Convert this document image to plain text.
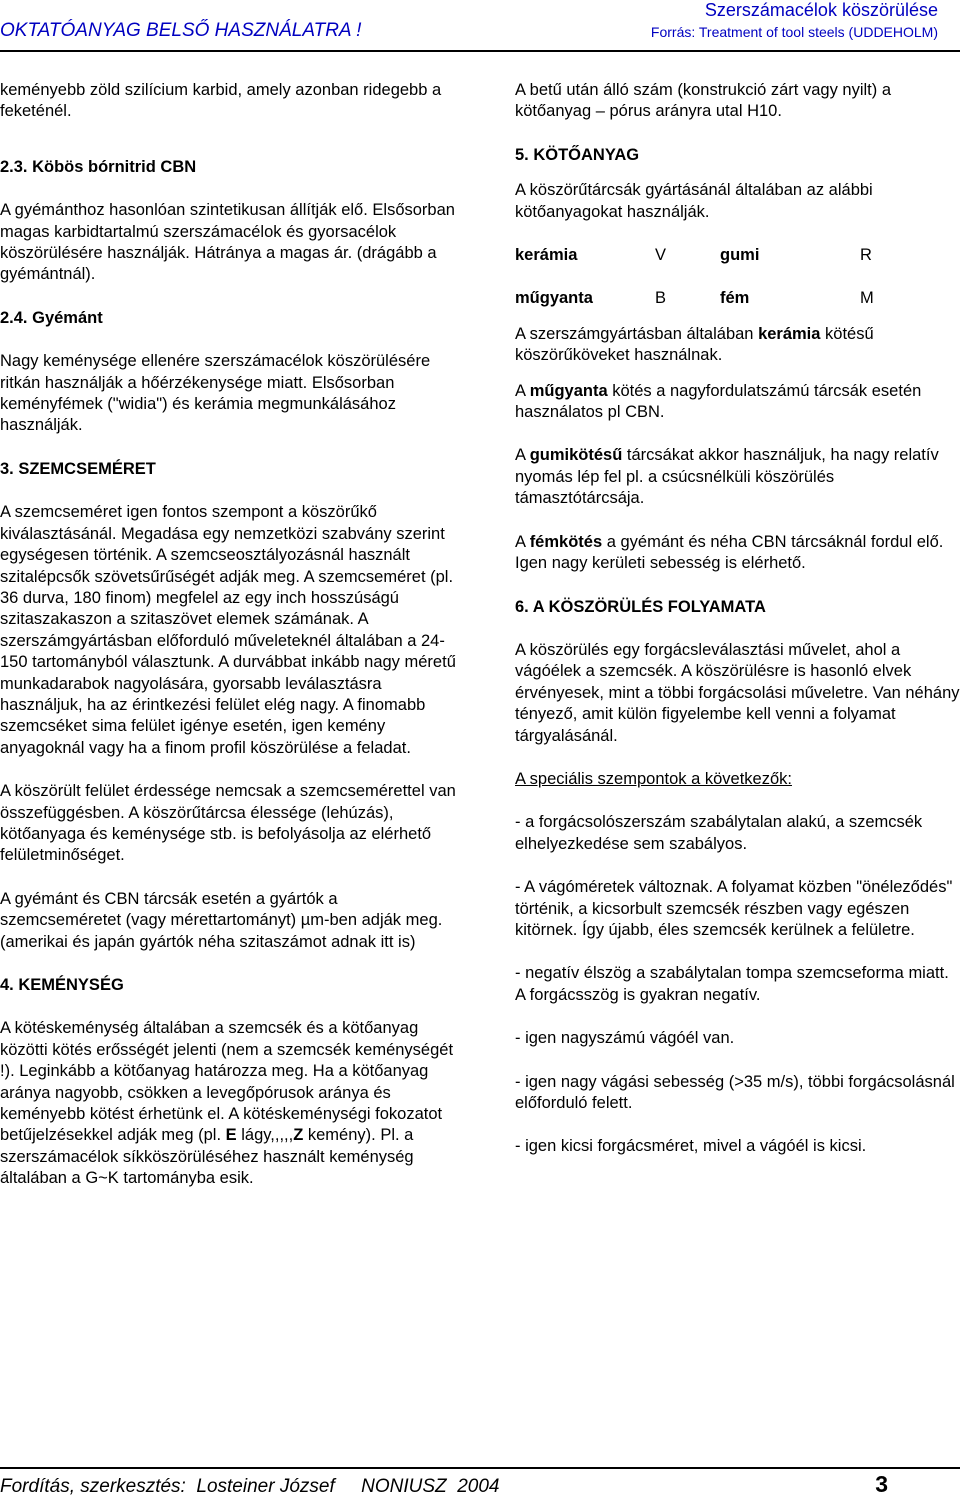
OKTATÓANYAG BELSŐ HASZNÁLATRA !
Szerszámacélok köszörülése
Forrás: Treatment of tool steels (UDDEHOLM)

keményebb zöld szilícium karbid, amely azonban ridegebb a feketénél.

2.3. Köbös bórnitrid CBN

A gyémánthoz hasonlóan szintetikusan állítják elő. Elsősorban magas karbidtartalmú szerszámacélok és gyorsacélok köszörülésére használják. Hátránya a magas ár. (drágább a gyémántnál).

2.4. Gyémánt

Nagy keménysége ellenére szerszámacélok köszörülésére ritkán használják a hőérzékenysége miatt. Elsősorban keményfémek ("widia") és kerámia megmunkálásához használják.

3. SZEMCSEMÉRET

A szemcseméret igen fontos szempont a köszörűkő kiválasztásánál. Megadása egy nemzetközi szabvány szerint egységesen történik. A szemcseosztályozásnál használt szitalépcsők szövetsűrűségét adják meg. A szemcseméret (pl. 36 durva, 180 finom) megfelel az egy inch hosszúságú szitaszakaszon a szitaszövet elemek számának. A szerszámgyártásban előforduló műveleteknél általában a 24-150 tartományból választunk. A durvábbat inkább nagy méretű munkadarabok nagyolására, gyorsabb leválasztásra használjuk, ha az érintkezési felület elég nagy. A finomabb szemcséket sima felület igénye esetén, igen kemény anyagoknál vagy ha a finom profil köszörülése a feladat.

A köszörült felület érdessége nemcsak a szemcsemérettel van összefüggésben. A köszörűtárcsa élessége (lehúzás), kötőanyaga és keménysége stb. is befolyásolja az elérhető felületminőséget.

A gyémánt és CBN tárcsák esetén a gyártók a szemcseméretet (vagy mérettartományt) µm-ben adják meg.(amerikai és japán gyártók néha szitaszámot adnak itt is)

4. KEMÉNYSÉG

A kötéskeménység általában a szemcsék és a kötőanyag közötti kötés erősségét jelenti (nem a szemcsék keménységét !). Leginkább a kötőanyag határozza meg. Ha a kötőanyag aránya nagyobb, csökken a levegőpórusok aránya és keményebb kötést érhetünk el. A kötéskeménységi fokozatot betűjelzésekkel adják meg (pl. E lágy,,,,,Z kemény). Pl. a szerszámacélok síkköszörüléséhez használt keménység általában a G~K tartományba esik.

A betű után álló szám (konstrukció zárt vagy nyilt) a kötőanyag – pórus arányra utal H10.

5. KÖTŐANYAG

A köszörűtárcsák gyártásánál általában az alábbi kötőanyagokat használják.

kerámia	V	gumi	R
műgyanta	B	fém	M

A szerszámgyártásban általában kerámia kötésű köszörűköveket használnak.

A műgyanta kötés a nagyfordulatszámú tárcsák esetén használatos pl CBN.

A gumikötésű tárcsákat akkor használjuk, ha nagy relatív nyomás lép fel pl. a csúcsnélküli köszörülés támasztótárcsája.

A fémkötés a gyémánt és néha CBN tárcsáknál fordul elő. Igen nagy kerületi sebesség is elérhető.

6. A KÖSZÖRÜLÉS FOLYAMATA

A köszörülés egy forgácsleválasztási művelet, ahol a vágóélek a szemcsék. A köszörülésre is hasonló elvek érvényesek, mint a többi forgácsolási műveletre. Van néhány tényező, amit külön figyelembe kell venni a folyamat tárgyalásánál.

A speciális szempontok a következők:

- a forgácsolószerszám szabálytalan alakú, a szemcsék elhelyezkedése sem szabályos.

- A vágóméretek változnak. A folyamat közben "önéleződés" történik, a kicsorbult szemcsék részben vagy egészen kitörnek. Így újabb, éles szemcsék kerülnek a felületre.

- negatív élszög a szabálytalan tompa szemcseforma miatt. A forgácsszög is gyakran negatív.

- igen nagyszámú vágóél van.

- igen nagy vágási sebesség (>35 m/s), többi forgácsolásnál előforduló felett.

- igen kicsi forgácsméret, mivel a vágóél is kicsi.

Fordítás, szerkesztés:  Losteiner József     NONIUSZ  2004	3
